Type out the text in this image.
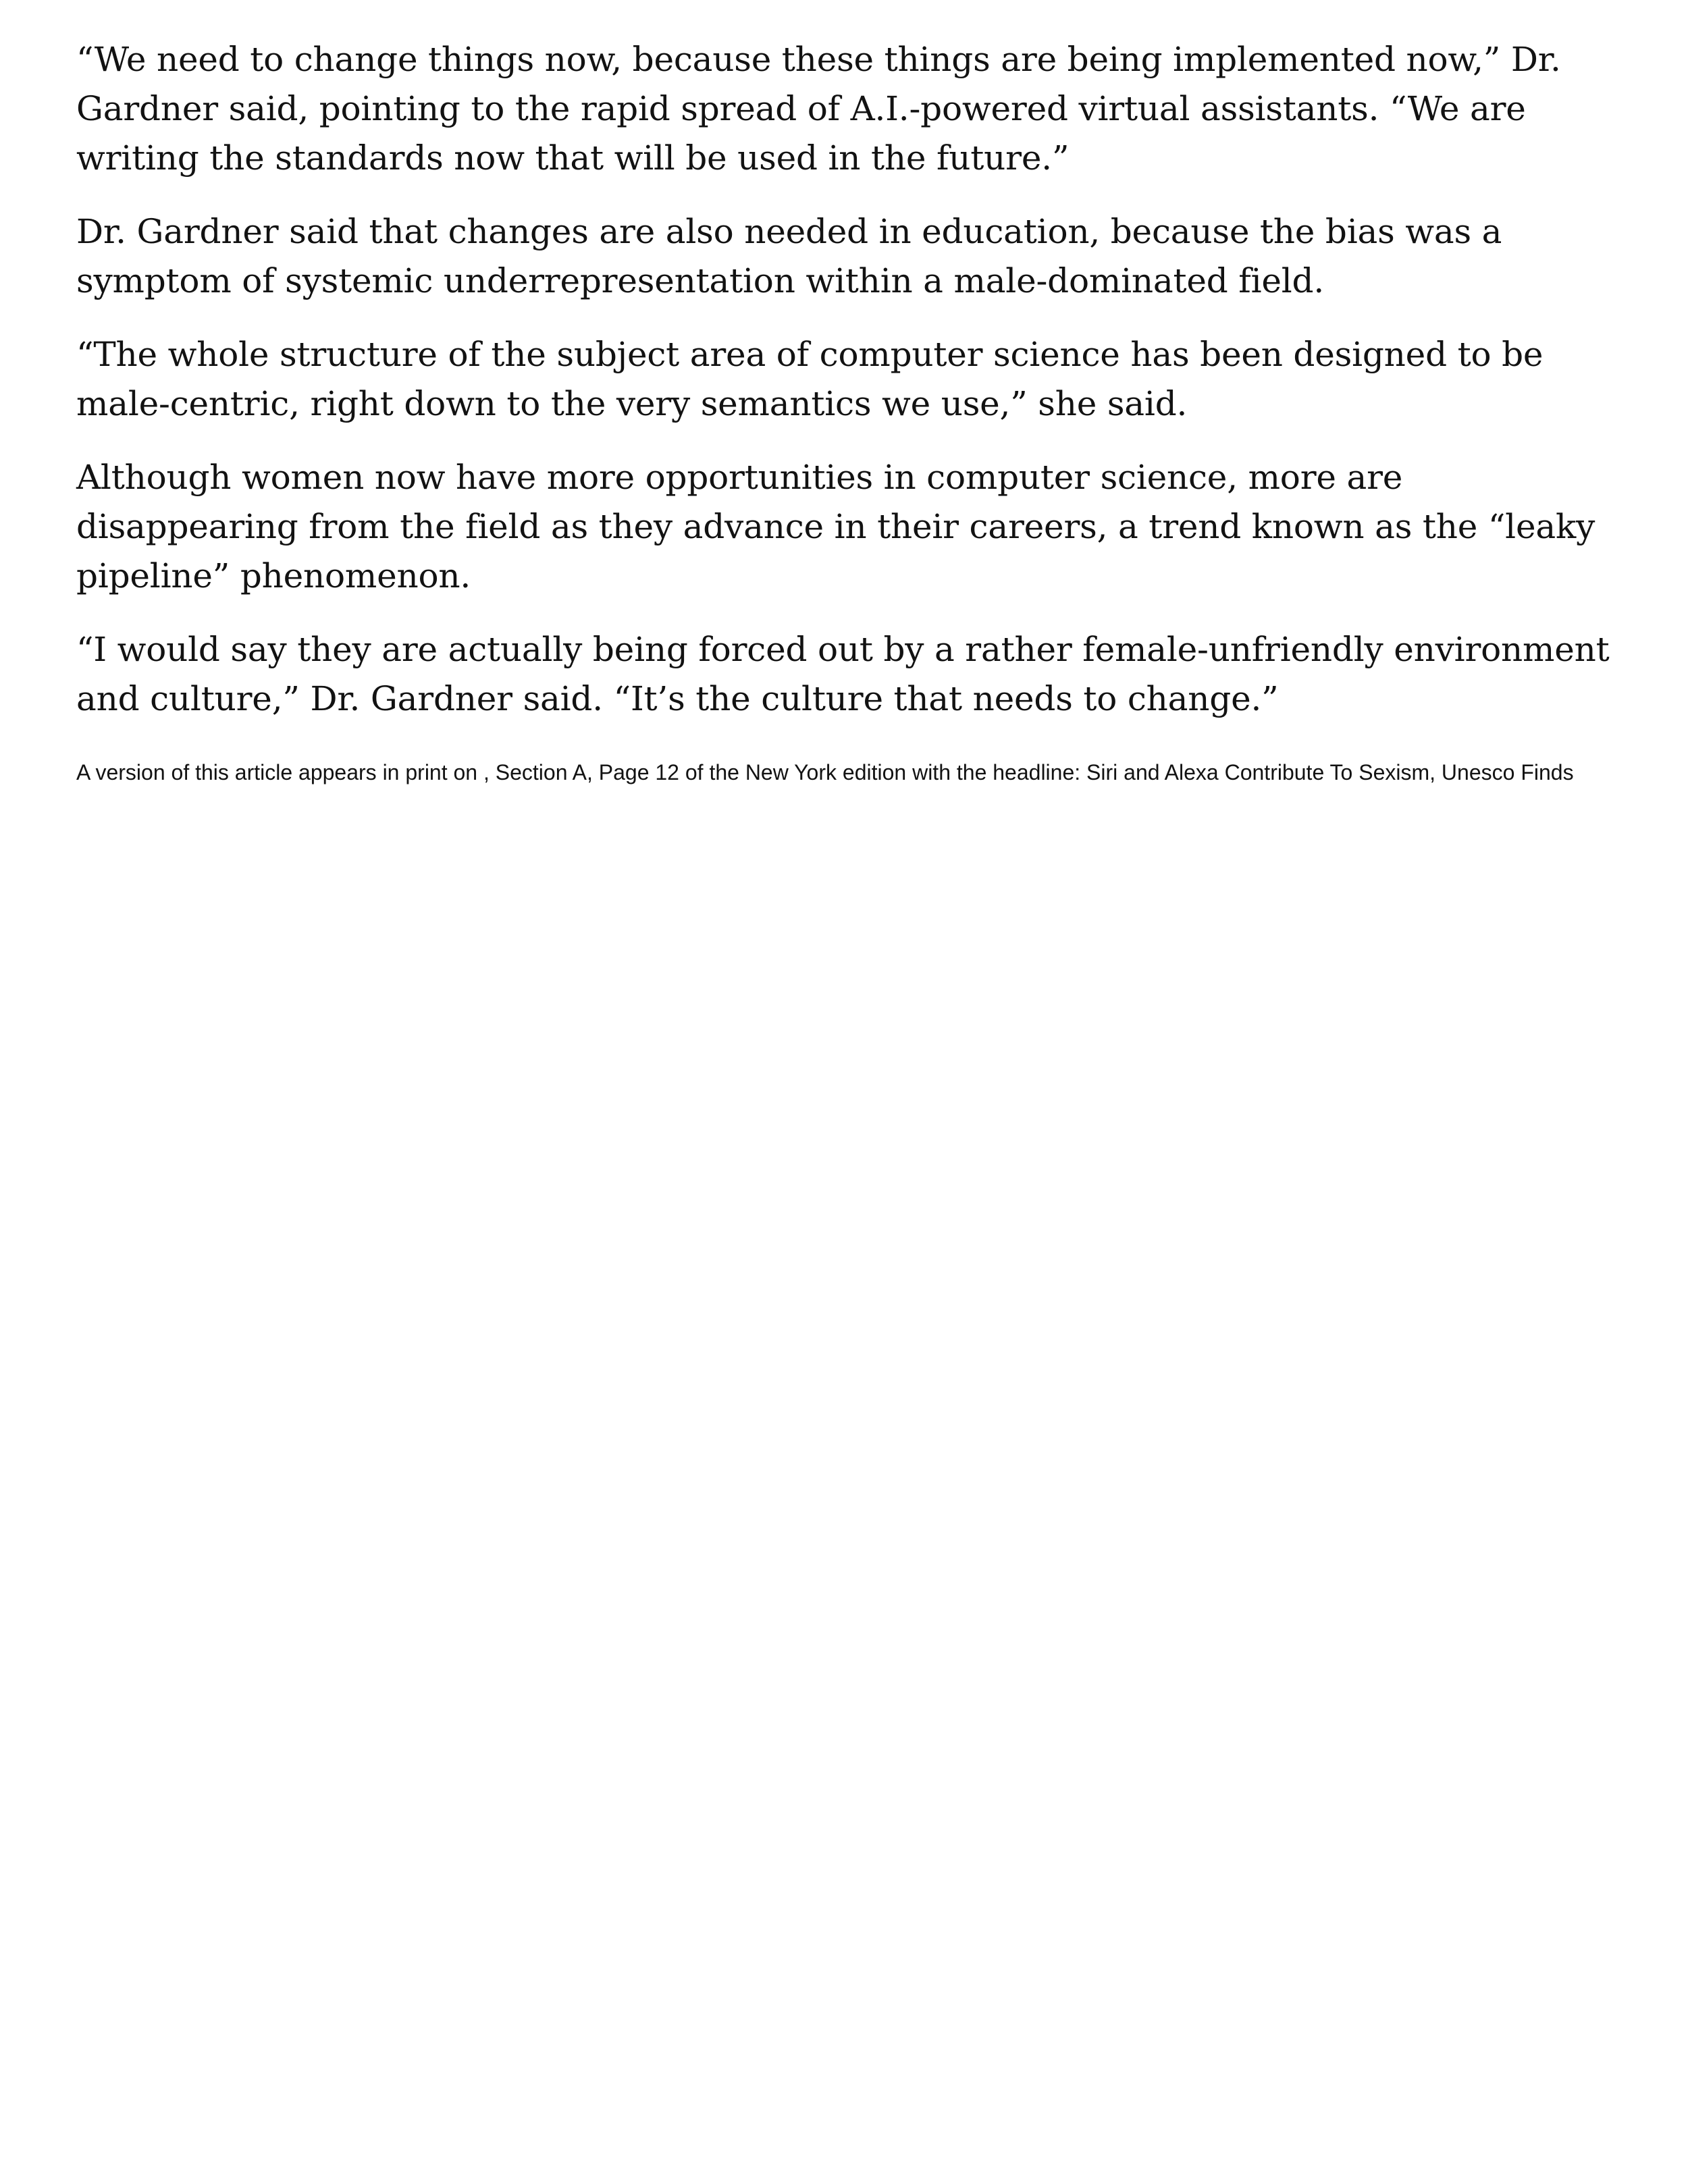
“We need to change things now, because these things are being implemented now,” Dr. Gardner said, pointing to the rapid spread of A.I.-powered virtual assistants. “We are writing the standards now that will be used in the future.”

Dr. Gardner said that changes are also needed in education, because the bias was a symptom of systemic underrepresentation within a male-dominated field.

“The whole structure of the subject area of computer science has been designed to be male-centric, right down to the very semantics we use,” she said.

Although women now have more opportunities in computer science, more are disappearing from the field as they advance in their careers, a trend known as the “leaky pipeline” phenomenon.

“I would say they are actually being forced out by a rather female-unfriendly environment and culture,” Dr. Gardner said. “It’s the culture that needs to change.”

A version of this article appears in print on , Section A, Page 12 of the New York edition with the headline: Siri and Alexa Contribute To Sexism, Unesco Finds
